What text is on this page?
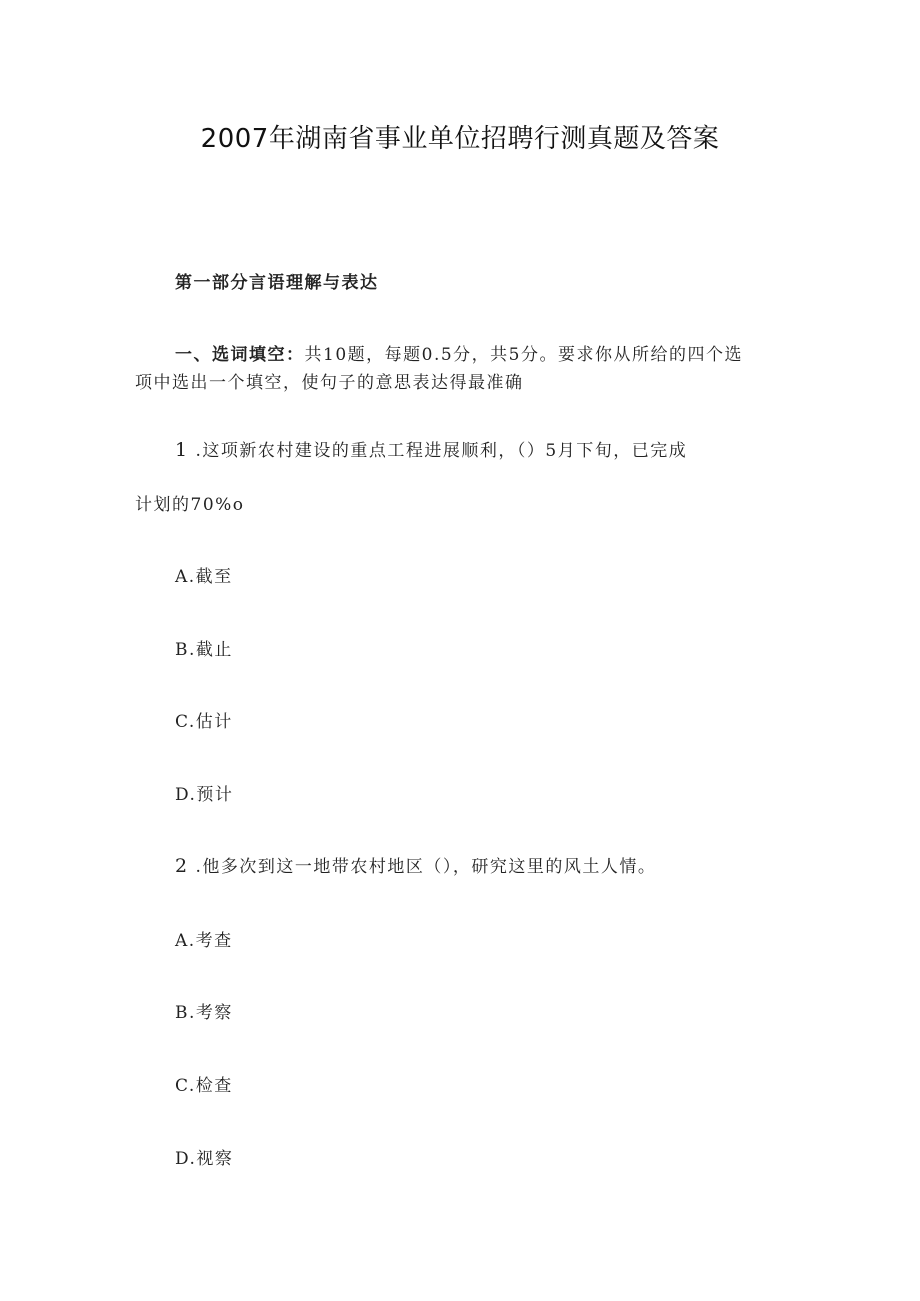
2007年湖南省事业单位招聘行测真题及答案
第一部分言语理解与表达
一、选词填空：共10题，每题0.5分，共5分。要求你从所给的四个选
项中选出一个填空，使句子的意思表达得最准确
1 .这项新农村建设的重点工程进展顺利，（）5月下旬，已完成
计划的70%o
A.截至
B.截止
C.估计
D.预计
2 .他多次到这一地带农村地区（），研究这里的风土人情。
A.考查
B.考察
C.检查
D.视察
